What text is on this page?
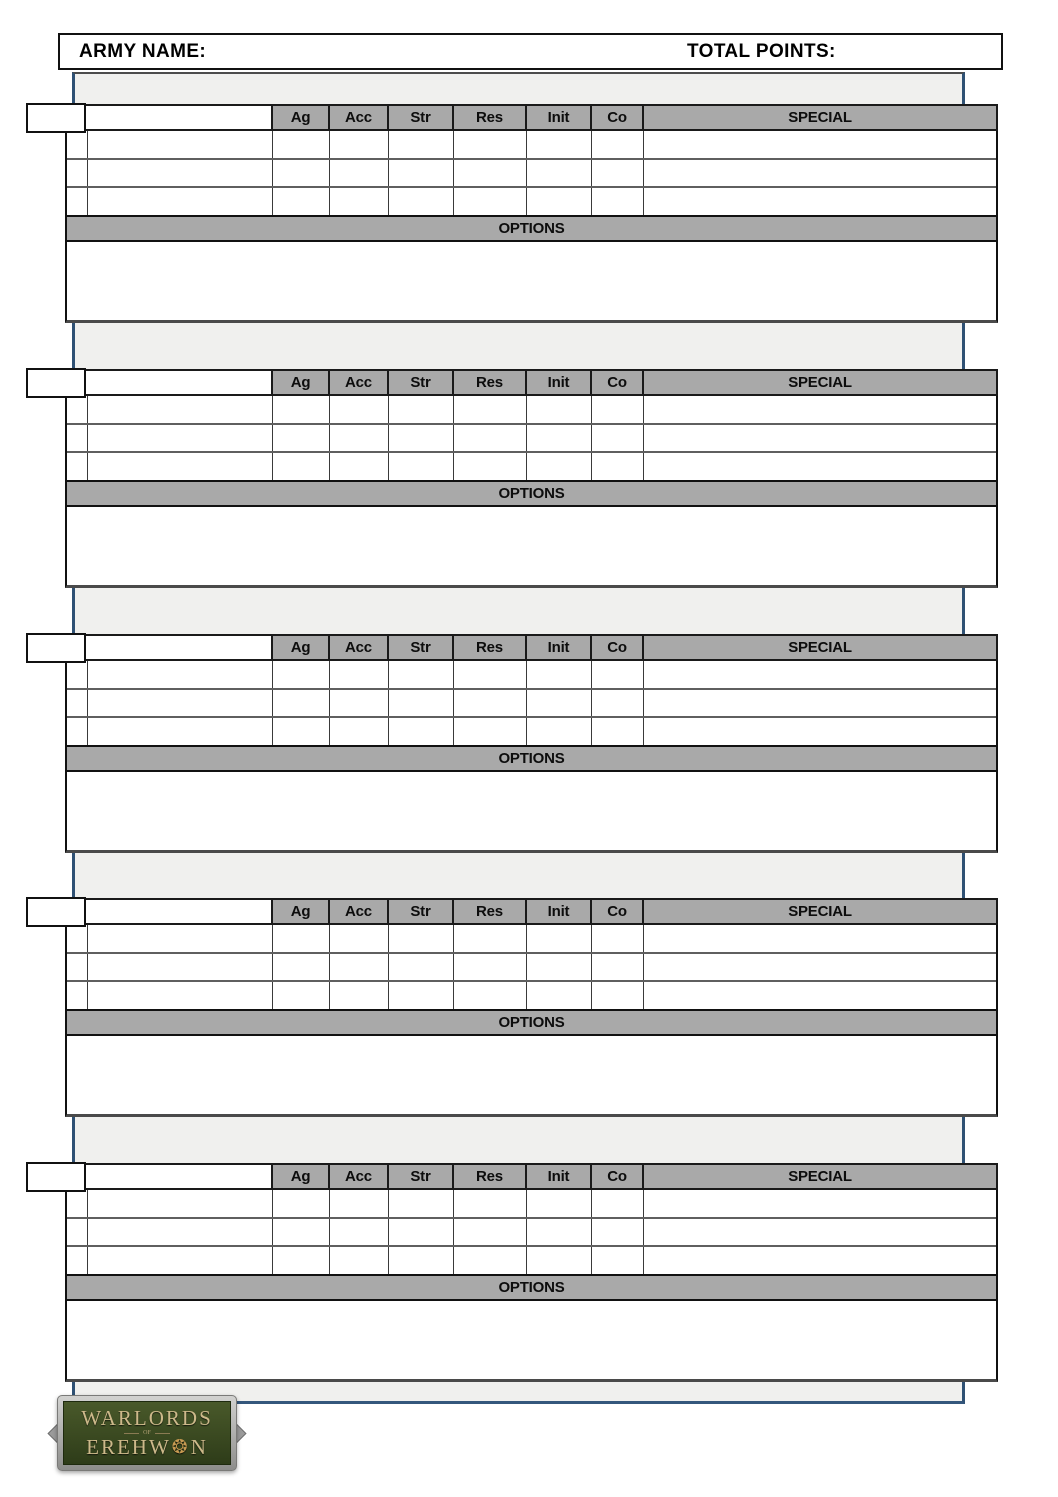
ARMY NAME:	TOTAL POINTS:
Ag	Acc	Str	Res	Init	Co	SPECIAL
OPTIONS
Ag	Acc	Str	Res	Init	Co	SPECIAL
OPTIONS
Ag	Acc	Str	Res	Init	Co	SPECIAL
OPTIONS
Ag	Acc	Str	Res	Init	Co	SPECIAL
OPTIONS
Ag	Acc	Str	Res	Init	Co	SPECIAL
OPTIONS
WARLORDS
OF
EREHW ❂ N
